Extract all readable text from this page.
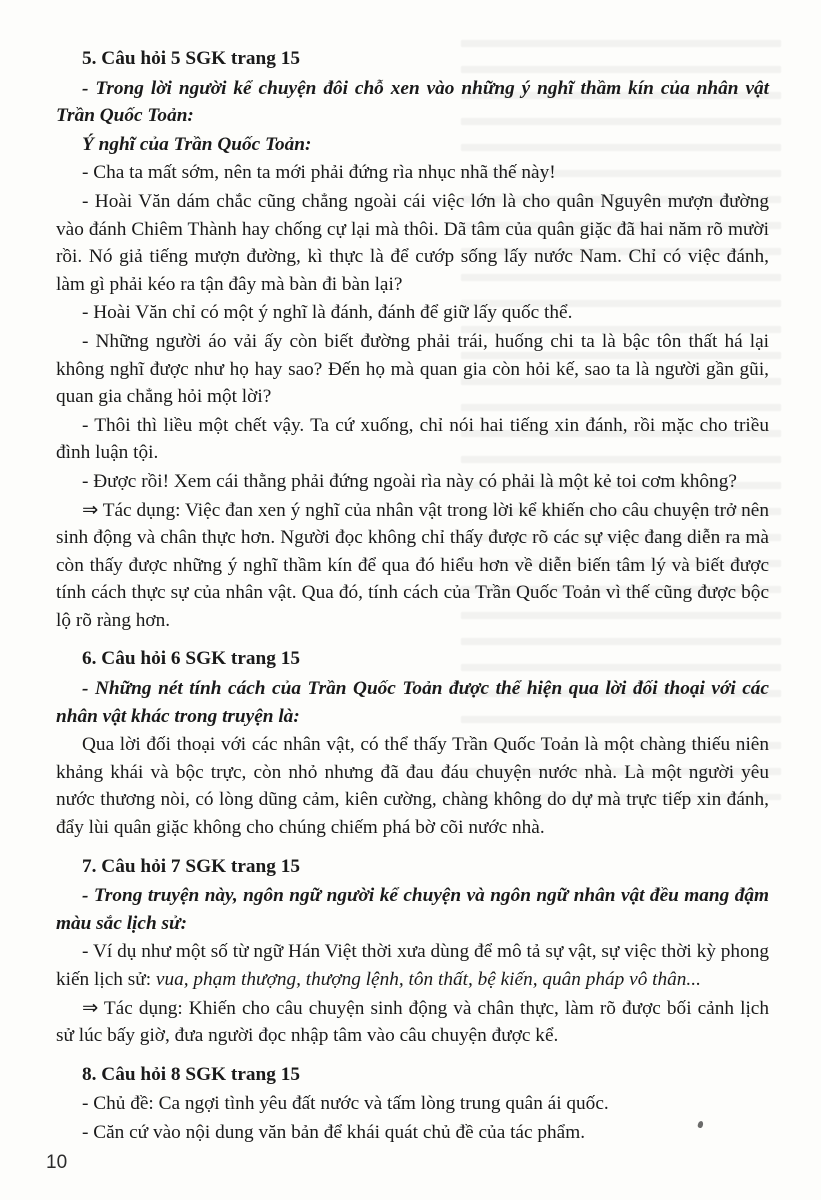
5. Câu hỏi 5 SGK trang 15

- Trong lời người kể chuyện đôi chỗ xen vào những ý nghĩ thầm kín của nhân vật Trần Quốc Toản:

Ý nghĩ của Trần Quốc Toản:

- Cha ta mất sớm, nên ta mới phải đứng rìa nhục nhã thế này!

- Hoài Văn dám chắc cũng chẳng ngoài cái việc lớn là cho quân Nguyên mượn đường vào đánh Chiêm Thành hay chống cự lại mà thôi. Dã tâm của quân giặc đã hai năm rõ mười rồi. Nó giả tiếng mượn đường, kì thực là để cướp sống lấy nước Nam. Chỉ có việc đánh, làm gì phải kéo ra tận đây mà bàn đi bàn lại?

- Hoài Văn chỉ có một ý nghĩ là đánh, đánh để giữ lấy quốc thể.

- Những người áo vải ấy còn biết đường phải trái, huống chi ta là bậc tôn thất há lại không nghĩ được như họ hay sao? Đến họ mà quan gia còn hỏi kế, sao ta là người gần gũi, quan gia chẳng hỏi một lời?

- Thôi thì liều một chết vậy. Ta cứ xuống, chỉ nói hai tiếng xin đánh, rồi mặc cho triều đình luận tội.

- Được rồi! Xem cái thằng phải đứng ngoài rìa này có phải là một kẻ toi cơm không?

⇒ Tác dụng: Việc đan xen ý nghĩ của nhân vật trong lời kể khiến cho câu chuyện trở nên sinh động và chân thực hơn. Người đọc không chỉ thấy được rõ các sự việc đang diễn ra mà còn thấy được những ý nghĩ thầm kín để qua đó hiểu hơn về diễn biến tâm lý và biết được tính cách thực sự của nhân vật. Qua đó, tính cách của Trần Quốc Toản vì thế cũng được bộc lộ rõ ràng hơn.

6. Câu hỏi 6 SGK trang 15

- Những nét tính cách của Trần Quốc Toản được thể hiện qua lời đối thoại với các nhân vật khác trong truyện là:

Qua lời đối thoại với các nhân vật, có thể thấy Trần Quốc Toản là một chàng thiếu niên khảng khái và bộc trực, còn nhỏ nhưng đã đau đáu chuyện nước nhà. Là một người yêu nước thương nòi, có lòng dũng cảm, kiên cường, chàng không do dự mà trực tiếp xin đánh, đẩy lùi quân giặc không cho chúng chiếm phá bờ cõi nước nhà.

7. Câu hỏi 7 SGK trang 15

- Trong truyện này, ngôn ngữ người kể chuyện và ngôn ngữ nhân vật đều mang đậm màu sắc lịch sử:

- Ví dụ như một số từ ngữ Hán Việt thời xưa dùng để mô tả sự vật, sự việc thời kỳ phong kiến lịch sử: vua, phạm thượng, thượng lệnh, tôn thất, bệ kiến, quân pháp vô thân...

⇒ Tác dụng: Khiến cho câu chuyện sinh động và chân thực, làm rõ được bối cảnh lịch sử lúc bấy giờ, đưa người đọc nhập tâm vào câu chuyện được kể.

8. Câu hỏi 8 SGK trang 15

- Chủ đề: Ca ngợi tình yêu đất nước và tấm lòng trung quân ái quốc.

- Căn cứ vào nội dung văn bản để khái quát chủ đề của tác phẩm.

10
